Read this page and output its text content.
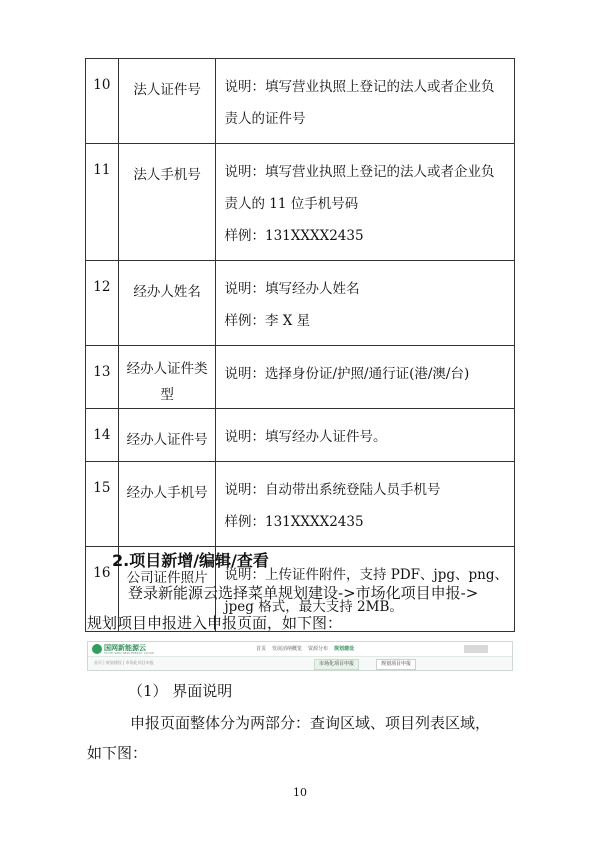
10	法人证件号	说明：填写营业执照上登记的法人或者企业负
责人的证件号

11	法人手机号	说明：填写营业执照上登记的法人或者企业负
责人的 11 位手机号码
样例：131XXXX2435

12	经办人姓名	说明：填写经办人姓名
样例：李 X 星

13	经办人证件类
型	说明：选择身份证/护照/通行证(港/澳/台)

14	经办人证件号	说明：填写经办人证件号。

15	经办人手机号	说明：自动带出系统登陆人员手机号
样例：131XXXX2435

16	公司证件照片	说明：上传证件附件，支持 PDF、jpg、png、
jpeg 格式，最大支持 2MB。
2.项目新增/编辑/查看
登录新能源云选择菜单规划建设->市场化项目申报->
规划项目申报进入申报页面，如下图：
国网新能源云
STATE GRID NEW ENERGY CLOUD
首页 发展消纳概览 资源分布 规划建设
首页 | 规划建设 | 市场化项目申报	市场化项目申报	规划项目申报
（1） 界面说明
申报页面整体分为两部分：查询区域、项目列表区域，
如下图：
10
